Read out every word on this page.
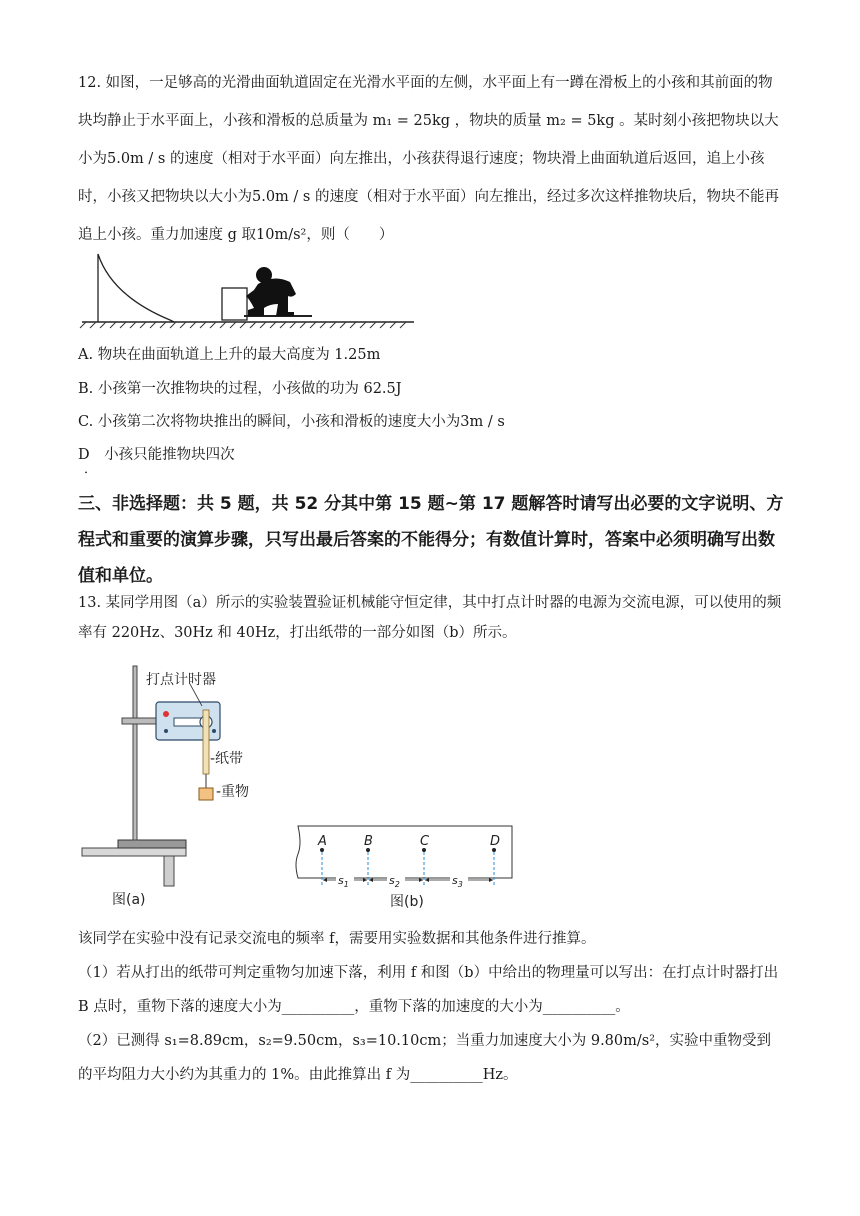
12. 如图，一足够高的光滑曲面轨道固定在光滑水平面的左侧，水平面上有一蹲在滑板上的小孩和其前面的物块均静止于水平面上，小孩和滑板的总质量为 m₁ = 25kg ，物块的质量 m₂ = 5kg 。某时刻小孩把物块以大小为5.0m / s 的速度（相对于水平面）向左推出，小孩获得退行速度；物块滑上曲面轨道后返回，追上小孩时，小孩又把物块以大小为5.0m / s 的速度（相对于水平面）向左推出，经过多次这样推物块后，物块不能再追上小孩。重力加速度 g 取10m/s²，则（　　）

A. 物块在曲面轨道上上升的最大高度为 1.25m

B. 小孩第一次推物块的过程，小孩做的功为 62.5J

C. 小孩第二次将物块推出的瞬间，小孩和滑板的速度大小为3m / s

D　小孩只能推物块四次

．

三、非选择题：共 5 题，共 52 分其中第 15 题~第 17 题解答时请写出必要的文字说明、方程式和重要的演算步骤，只写出最后答案的不能得分；有数值计算时，答案中必须明确写出数值和单位。

13. 某同学用图（a）所示的实验装置验证机械能守恒定律，其中打点计时器的电源为交流电源，可以使用的频率有 220Hz、30Hz 和 40Hz，打出纸带的一部分如图（b）所示。

打点计时器
-纸带
-重物
图(a)
A	B	C	D
$s_1$	$s_2$	$s_3$
图(b)

该同学在实验中没有记录交流电的频率 f，需要用实验数据和其他条件进行推算。

（1）若从打出的纸带可判定重物匀加速下落，利用 f 和图（b）中给出的物理量可以写出：在打点计时器打出 B 点时，重物下落的速度大小为__________，重物下落的加速度的大小为__________。

（2）已测得 s₁=8.89cm，s₂=9.50cm，s₃=10.10cm；当重力加速度大小为 9.80m/s²，实验中重物受到的平均阻力大小约为其重力的 1%。由此推算出 f 为__________Hz。
